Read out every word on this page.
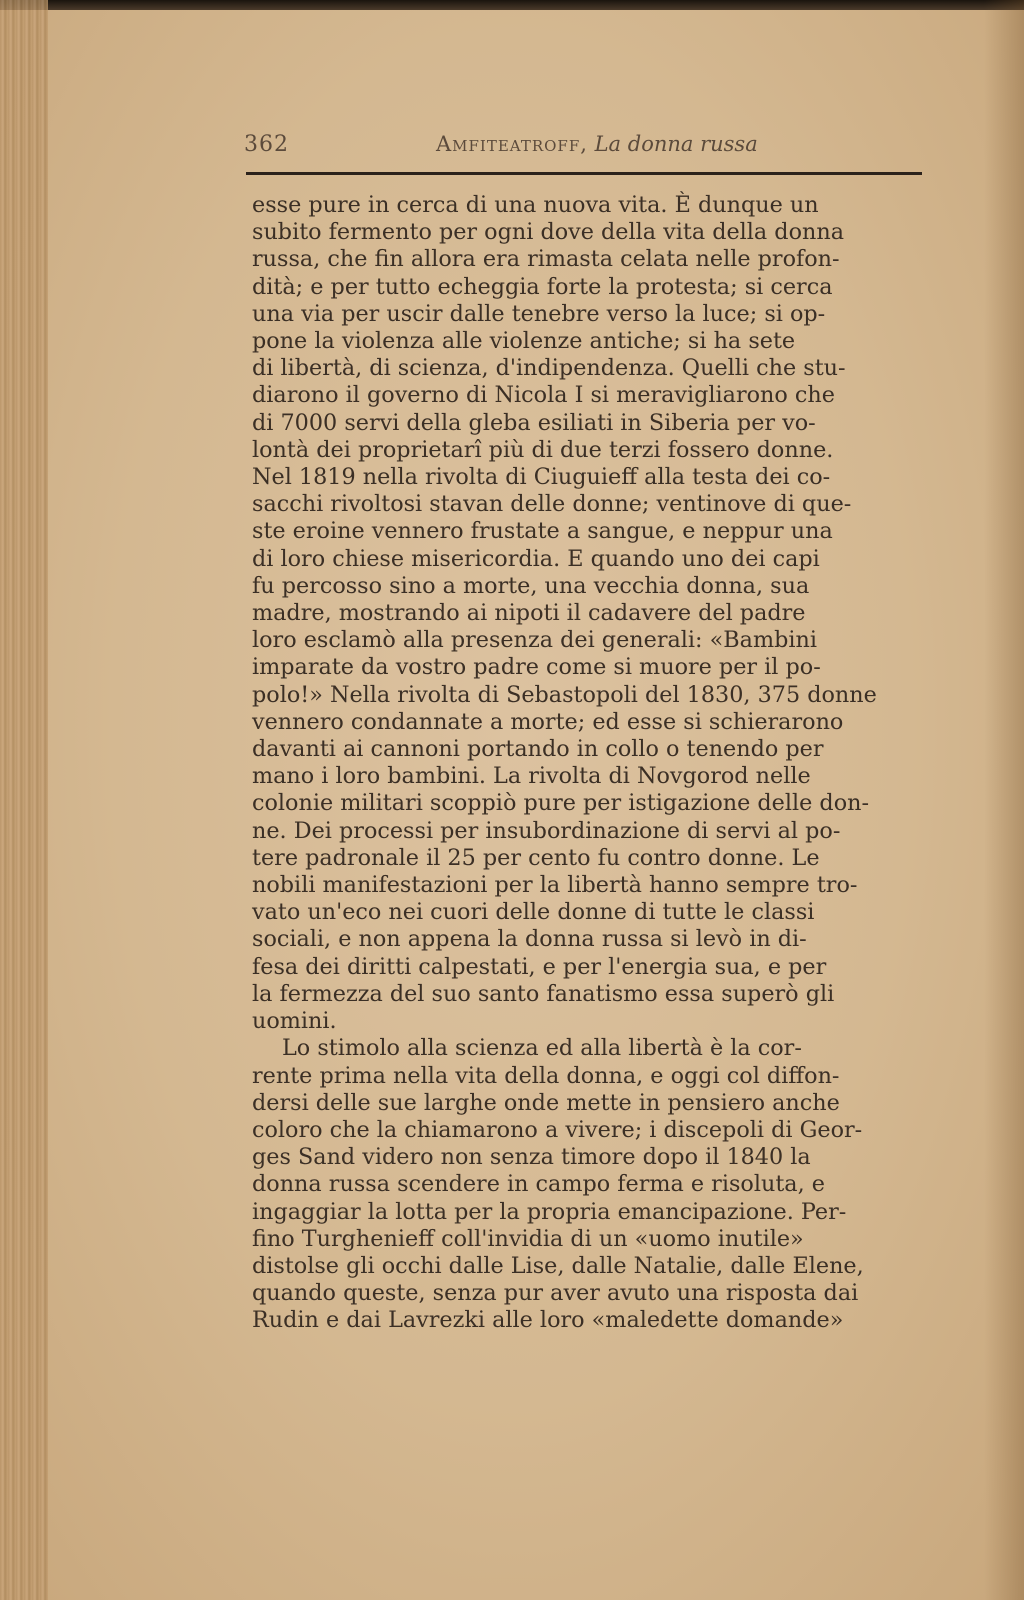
362	Amfiteatroff, La donna russa
esse pure in cerca di una nuova vita. È dunque un
subito fermento per ogni dove della vita della donna
russa, che fin allora era rimasta celata nelle profon-
dità; e per tutto echeggia forte la protesta; si cerca
una via per uscir dalle tenebre verso la luce; si op-
pone la violenza alle violenze antiche; si ha sete
di libertà, di scienza, d'indipendenza. Quelli che stu-
diarono il governo di Nicola I si meravigliarono che
di 7000 servi della gleba esiliati in Siberia per vo-
lontà dei proprietarî più di due terzi fossero donne.
Nel 1819 nella rivolta di Ciuguieff alla testa dei co-
sacchi rivoltosi stavan delle donne; ventinove di que-
ste eroine vennero frustate a sangue, e neppur una
di loro chiese misericordia. E quando uno dei capi
fu percosso sino a morte, una vecchia donna, sua
madre, mostrando ai nipoti il cadavere del padre
loro esclamò alla presenza dei generali: «Bambini
imparate da vostro padre come si muore per il po-
polo!» Nella rivolta di Sebastopoli del 1830, 375 donne
vennero condannate a morte; ed esse si schierarono
davanti ai cannoni portando in collo o tenendo per
mano i loro bambini. La rivolta di Novgorod nelle
colonie militari scoppiò pure per istigazione delle don-
ne. Dei processi per insubordinazione di servi al po-
tere padronale il 25 per cento fu contro donne. Le
nobili manifestazioni per la libertà hanno sempre tro-
vato un'eco nei cuori delle donne di tutte le classi
sociali, e non appena la donna russa si levò in di-
fesa dei diritti calpestati, e per l'energia sua, e per
la fermezza del suo santo fanatismo essa superò gli
uomini.
Lo stimolo alla scienza ed alla libertà è la cor-
rente prima nella vita della donna, e oggi col diffon-
dersi delle sue larghe onde mette in pensiero anche
coloro che la chiamarono a vivere; i discepoli di Geor-
ges Sand videro non senza timore dopo il 1840 la
donna russa scendere in campo ferma e risoluta, e
ingaggiar la lotta per la propria emancipazione. Per-
fino Turghenieff coll'invidia di un «uomo inutile»
distolse gli occhi dalle Lise, dalle Natalie, dalle Elene,
quando queste, senza pur aver avuto una risposta dai
Rudin e dai Lavrezki alle loro «maledette domande»
